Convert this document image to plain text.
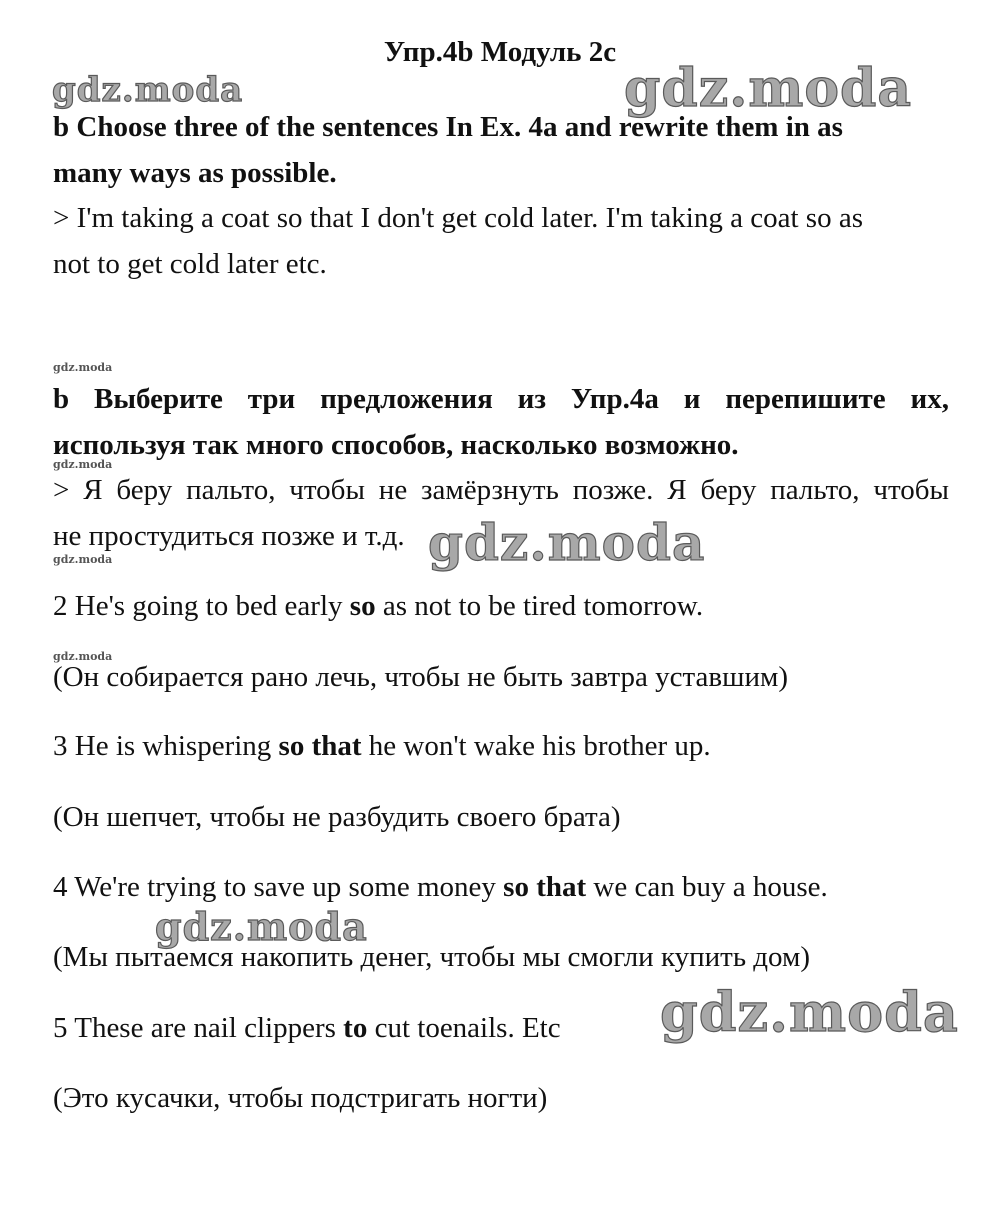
Упр.4b Модуль 2с
gdz.moda	gdz.moda
gdz.moda
gdz.moda
gdz.moda
gdz.moda
gdz.moda
gdz.moda
gdz.moda
b Choose three of the sentences In Ex. 4a and rewrite them in as
many ways as possible.
> I'm taking a coat so that I don't get cold later. I'm taking a coat so as
not to get cold later etc.
b Выберите три предложения из Упр.4а и перепишите их,
используя так много способов, насколько возможно.
> Я беру пальто, чтобы не замёрзнуть позже. Я беру пальто, чтобы
не простудиться позже и т.д.
2 He's going to bed early so as not to be tired tomorrow.
(Он собирается рано лечь, чтобы не быть завтра уставшим)
3 He is whispering so that he won't wake his brother up.
(Он шепчет, чтобы не разбудить своего брата)
4 We're trying to save up some money so that we can buy a house.
(Мы пытаемся накопить денег, чтобы мы смогли купить дом)
5 These are nail clippers to cut toenails. Etc
(Это кусачки, чтобы подстригать ногти)
